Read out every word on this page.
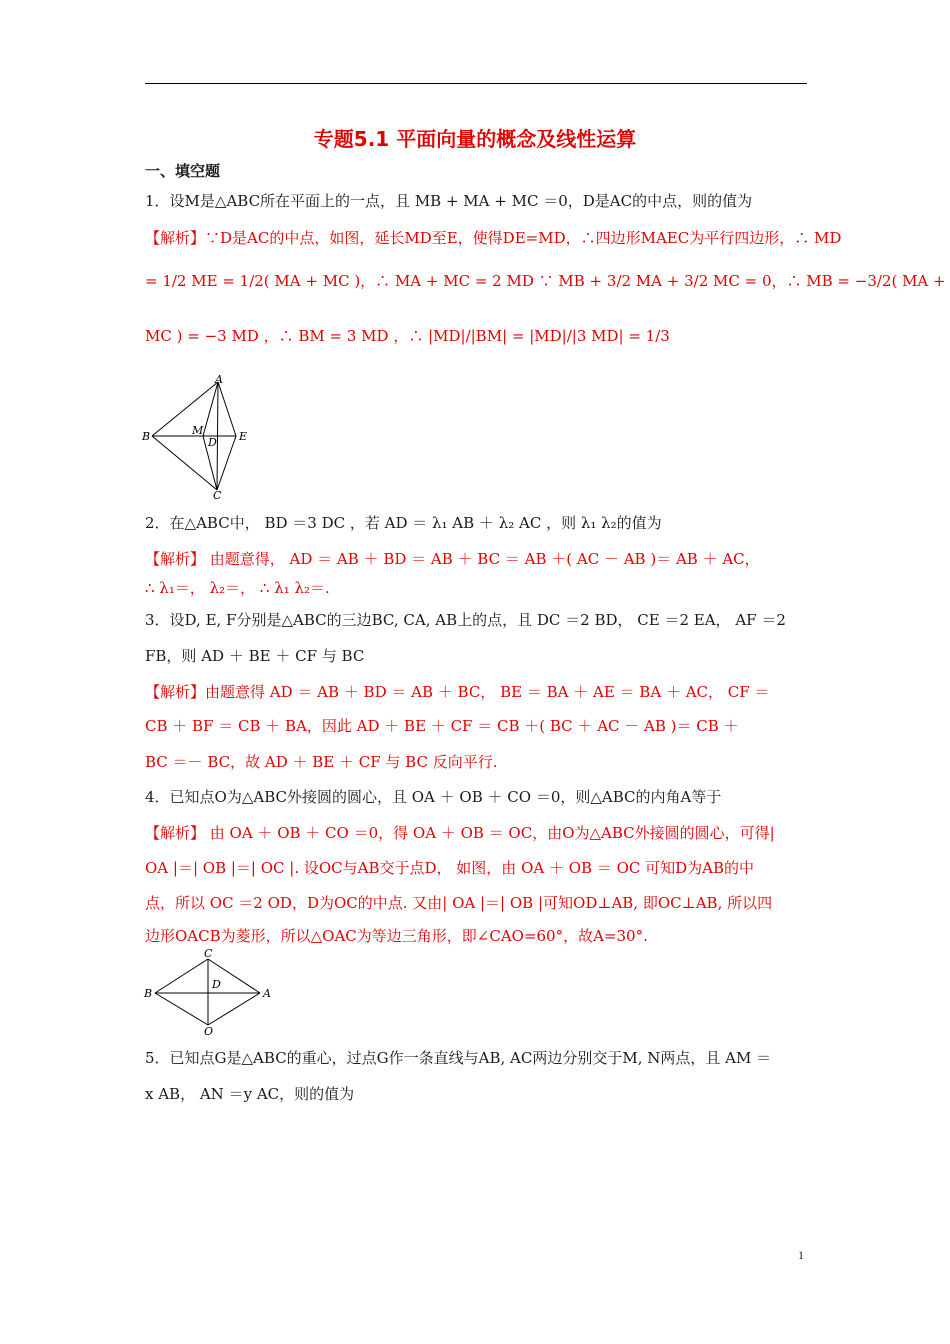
专题5.1 平面向量的概念及线性运算
一、填空题
1．设M是△ABC所在平面上的一点，且 MB + MA + MC ＝0，D是AC的中点，则的值为
【解析】∵D是AC的中点，如图，延长MD至E，使得DE=MD，∴四边形MAEC为平行四边形，∴ MD
= 1/2 ME = 1/2( MA + MC )，∴ MA + MC = 2 MD ∵ MB + 3/2 MA + 3/2 MC = 0，∴ MB = −3/2( MA +
MC ) = −3 MD ，∴ BM = 3 MD ，∴ |MD|/|BM| = |MD|/|3 MD| = 1/3
A
B
C
D E
M
2．在△ABC中， BD ＝3 DC ，若 AD ＝ λ₁ AB ＋ λ₂ AC ，则 λ₁ λ₂的值为
【解析】 由题意得， AD ＝ AB ＋ BD ＝ AB ＋ BC ＝ AB ＋( AC － AB )＝ AB ＋ AC，
∴ λ₁＝， λ₂＝， ∴ λ₁ λ₂＝.
3．设D, E, F分别是△ABC的三边BC, CA, AB上的点，且 DC ＝2 BD， CE ＝2 EA， AF ＝2
FB，则 AD ＋ BE ＋ CF 与 BC
【解析】由题意得 AD ＝ AB ＋ BD ＝ AB ＋ BC， BE ＝ BA ＋ AE ＝ BA ＋ AC， CF ＝
CB ＋ BF ＝ CB ＋ BA，因此 AD ＋ BE ＋ CF ＝ CB ＋( BC ＋ AC － AB )＝ CB ＋
BC ＝－ BC，故 AD ＋ BE ＋ CF 与 BC 反向平行.
4．已知点O为△ABC外接圆的圆心，且 OA ＋ OB ＋ CO ＝0，则△ABC的内角A等于
【解析】 由 OA ＋ OB ＋ CO ＝0，得 OA ＋ OB ＝ OC，由O为△ABC外接圆的圆心，可得|
OA |＝| OB |＝| OC |. 设OC与AB交于点D， 如图，由 OA ＋ OB ＝ OC 可知D为AB的中
点，所以 OC ＝2 OD，D为OC的中点. 又由| OA |＝| OB |可知OD⊥AB, 即OC⊥AB, 所以四
边形OACB为菱形，所以△OAC为等边三角形，即∠CAO=60°，故A=30°.
B
C
A
D
O
5．已知点G是△ABC的重心，过点G作一条直线与AB, AC两边分别交于M, N两点，且 AM ＝
x AB， AN ＝y AC，则的值为
1
